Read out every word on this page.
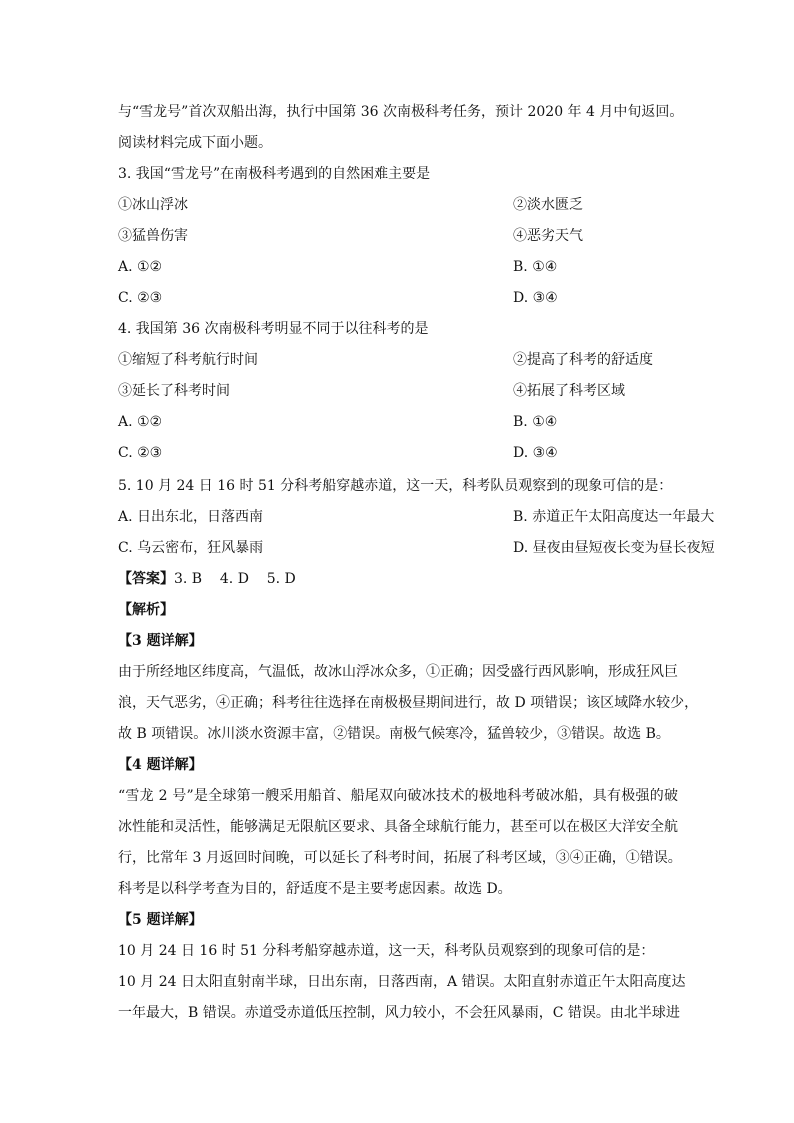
与“雪龙号”首次双船出海，执行中国第 36 次南极科考任务，预计 2020 年 4 月中旬返回。
阅读材料完成下面小题。
3. 我国“雪龙号”在南极科考遇到的自然困难主要是
①冰山浮冰	②淡水匮乏
③猛兽伤害	④恶劣天气
A. ①②	B. ①④
C. ②③	D. ③④
4. 我国第 36 次南极科考明显不同于以往科考的是
①缩短了科考航行时间	②提高了科考的舒适度
③延长了科考时间	④拓展了科考区域
A. ①②	B. ①④
C. ②③	D. ③④
5. 10 月 24 日 16 时 51 分科考船穿越赤道，这一天，科考队员观察到的现象可信的是：
A. 日出东北，日落西南	B. 赤道正午太阳高度达一年最大
C. 乌云密布，狂风暴雨	D. 昼夜由昼短夜长变为昼长夜短
【答案】3. B    4. D    5. D
【解析】
【3 题详解】
由于所经地区纬度高，气温低，故冰山浮冰众多，①正确；因受盛行西风影响，形成狂风巨
浪，天气恶劣，④正确；科考往往选择在南极极昼期间进行，故 D 项错误；该区域降水较少，
故 B 项错误。冰川淡水资源丰富，②错误。南极气候寒冷，猛兽较少，③错误。故选 B。
【4 题详解】
“雪龙 2 号”是全球第一艘采用船首、船尾双向破冰技术的极地科考破冰船，具有极强的破
冰性能和灵活性，能够满足无限航区要求、具备全球航行能力，甚至可以在极区大洋安全航
行，比常年 3 月返回时间晚，可以延长了科考时间，拓展了科考区域，③④正确，①错误。
科考是以科学考查为目的，舒适度不是主要考虑因素。故选 D。
【5 题详解】
10 月 24 日 16 时 51 分科考船穿越赤道，这一天，科考队员观察到的现象可信的是：
10 月 24 日太阳直射南半球，日出东南，日落西南，A 错误。太阳直射赤道正午太阳高度达
一年最大，B 错误。赤道受赤道低压控制，风力较小，不会狂风暴雨，C 错误。由北半球进
